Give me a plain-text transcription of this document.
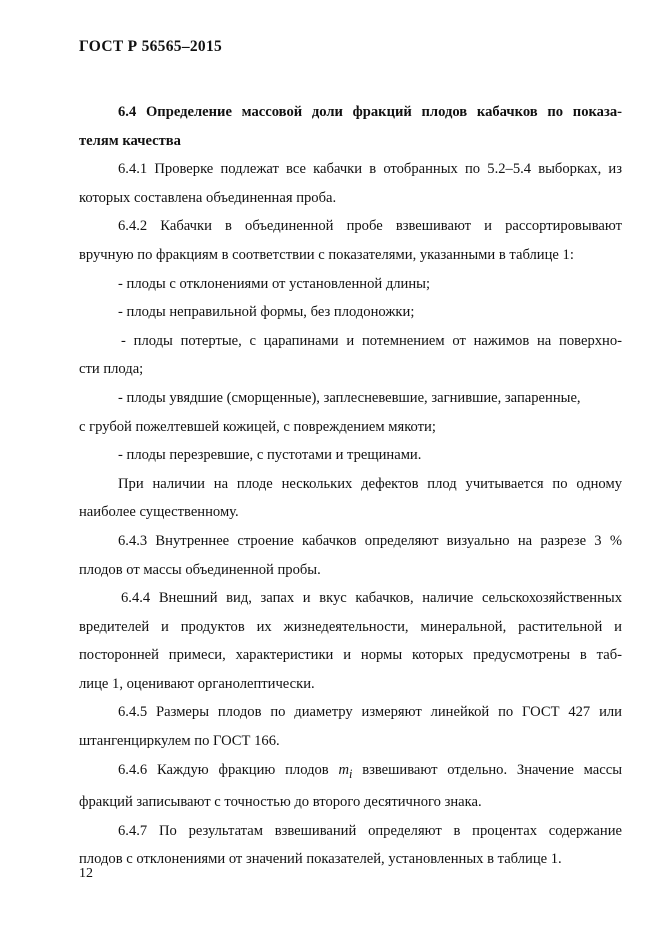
ГОСТ Р 56565–2015
6.4 Определение массовой доли фракций плодов кабачков по показа-
телям качества
6.4.1 Проверке подлежат все кабачки в отобранных по 5.2–5.4 выборках, из
которых составлена объединенная проба.
6.4.2 Кабачки в объединенной пробе взвешивают и рассортировывают
вручную по фракциям в соответствии с показателями, указанными в таблице 1:
- плоды с отклонениями от установленной длины;
- плоды неправильной формы, без плодоножки;
- плоды потертые, с царапинами и потемнением от нажимов на поверхно-
сти плода;
- плоды увядшие (сморщенные), заплесневевшие, загнившие, запаренные,
с грубой пожелтевшей кожицей, с повреждением мякоти;
- плоды перезревшие, с пустотами и трещинами.
При наличии на плоде нескольких дефектов плод учитывается по одному
наиболее существенному.
6.4.3 Внутреннее строение кабачков определяют визуально на разрезе 3 %
плодов от массы объединенной пробы.
6.4.4 Внешний вид, запах и вкус кабачков, наличие сельскохозяйственных
вредителей и продуктов их жизнедеятельности, минеральной, растительной и
посторонней примеси, характеристики и нормы которых предусмотрены в таб-
лице 1, оценивают органолептически.
6.4.5 Размеры плодов по диаметру измеряют линейкой по ГОСТ 427 или
штангенциркулем по ГОСТ 166.
6.4.6 Каждую фракцию плодов $m_i$ взвешивают отдельно. Значение массы
фракций записывают с точностью до второго десятичного знака.
6.4.7 По результатам взвешиваний определяют в процентах содержание
плодов с отклонениями от значений показателей, установленных в таблице 1.
12
